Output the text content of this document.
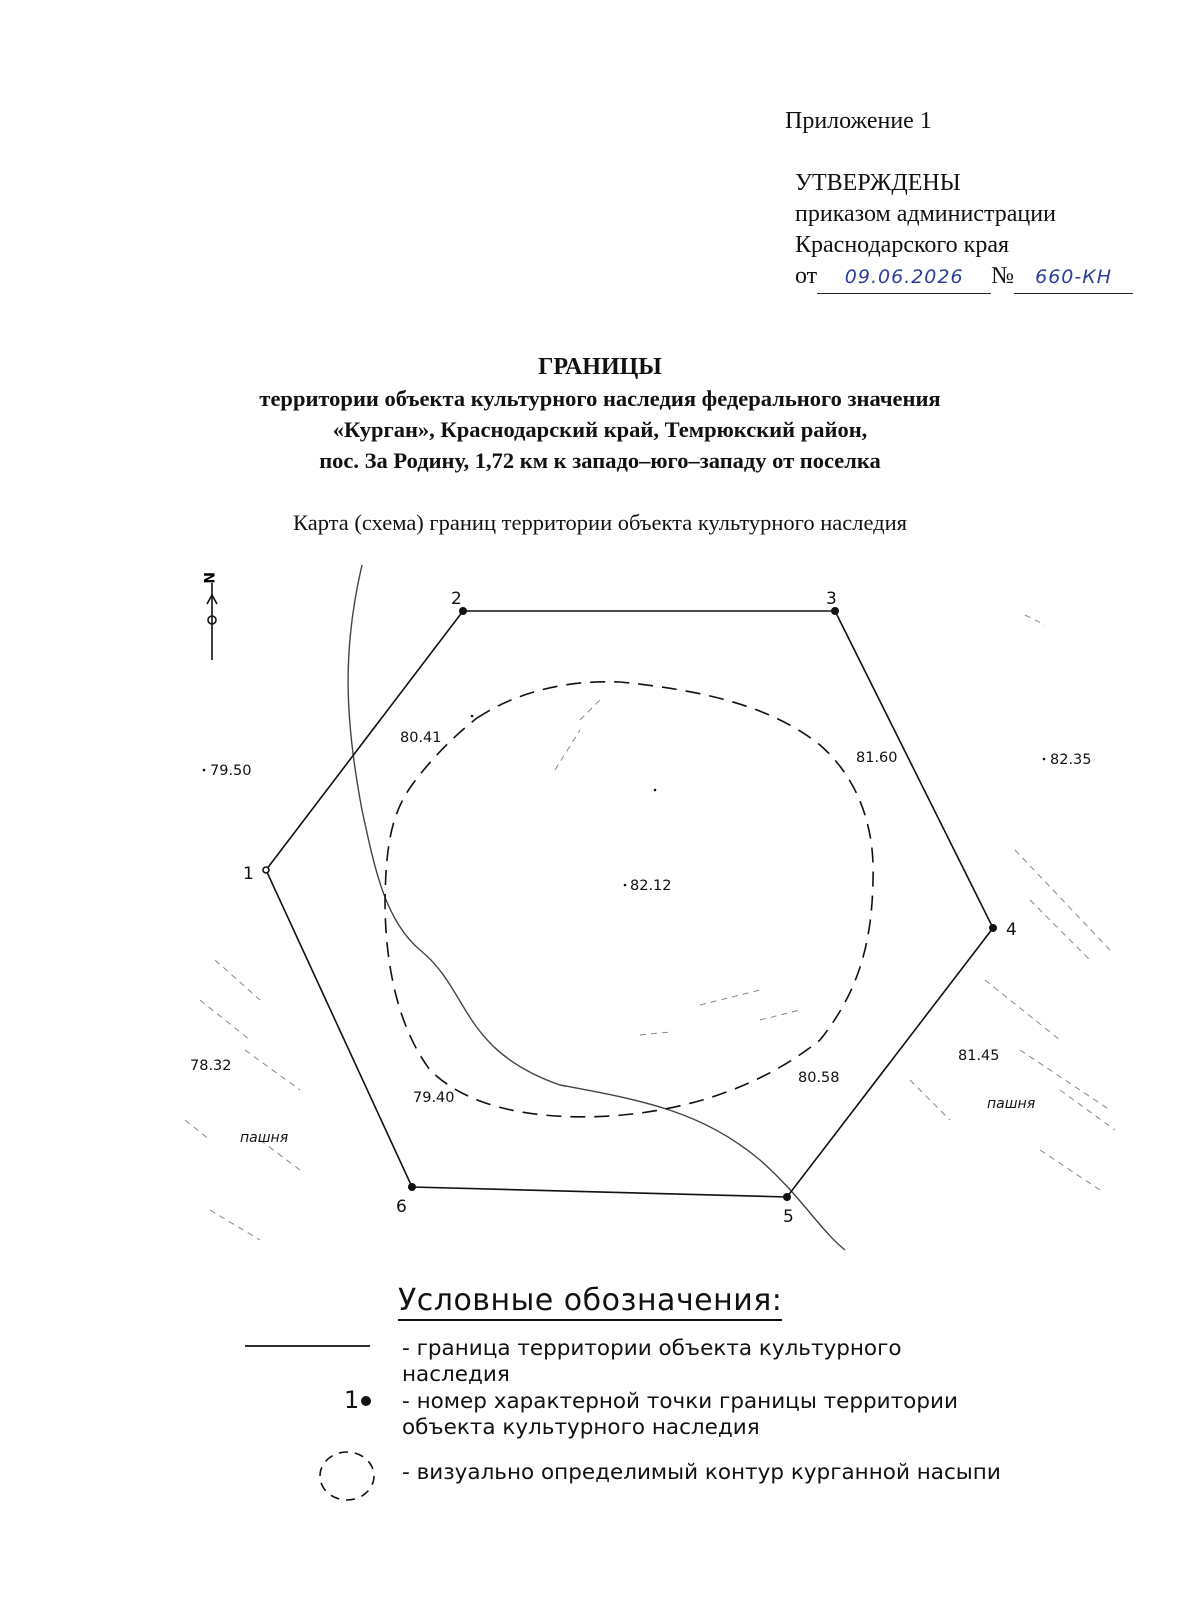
Приложение 1
УТВЕРЖДЕНЫ
приказом администрации
Краснодарского края
от 09.06.2026 № 660-КН
ГРАНИЦЫ
территории объекта культурного наследия федерального значения
«Курган», Краснодарский край, Темрюкский район,
пос. За Родину, 1,72 км к западо–юго–западу от поселка
Карта (схема) границ территории объекта культурного наследия
1
2	3
4
5
6
79.50
80.41
81.60	82.35
82.12
78.32
79.40
80.58
81.45
пашня
пашня
N
Условные обозначения:
- граница территории объекта культурного наследия
1 - номер характерной точки границы территории объекта культурного наследия
- визуально определимый контур курганной насыпи
